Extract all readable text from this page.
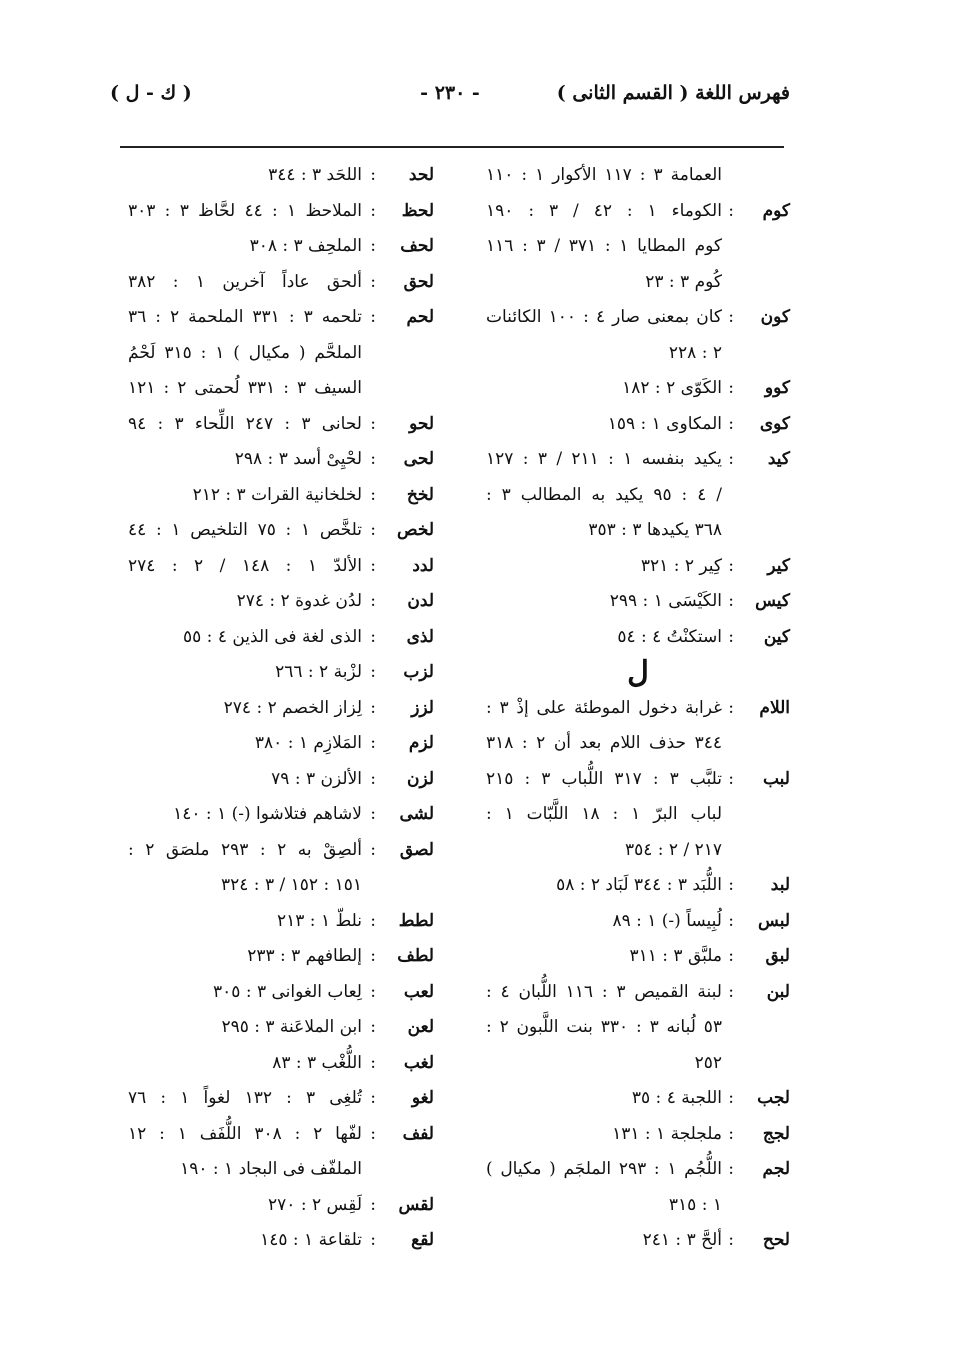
فهرس اللغة ( القسم الثانى )
- ٢٣٠ -
( ك - ل )
العمامة ٣ : ١١٧ الأكوار ١ : ١١٠
كوم
:
الكوماء ١ : ٤٢ / ٣ : ١٩٠
كوم المطايا ١ : ٣٧١ / ٣ : ١١٦
كُوم ٣ : ٢٣
كون
:
كان بمعنى صار ٤ : ١٠٠ الكائنات
٢ : ٢٢٨
كوو
:
الكَوّى ٢ : ١٨٢
كوى
:
المكاوى ١ : ١٥٩
كيد
:
يكيد بنفسه ١ : ٢١١ / ٣ : ١٢٧
/ ٤ : ٩٥ يكيد به المطالب ٣ :
٣٦٨ يكيدها ٣ : ٣٥٣
كير
:
كِير ٢ : ٣٢١
كيس
:
الكَيْسَى ١ : ٢٩٩
كين
:
استكنْتُ ٤ : ٥٤
ل
اللام
:
غرابة دخول الموطئة على إذْ ٣ :
٣٤٤ حذف اللام بعد أن ٢ : ٣١٨
لبب
:
تلبَّب ٣ : ٣١٧ اللُّباب ٣ : ٢١٥
لباب البرّ ١ : ١٨ اللَّبّات ١ :
٢١٧ / ٢ : ٣٥٤
لبد
:
اللُّبَد ٣ : ٣٤٤ لَبَاد ٢ : ٥٨
لبس
:
لُبِيساً (-) ١ : ٨٩
لبق
:
ملبَّق ٣ : ٣١١
لبن
:
لبنة القميص ٣ : ١١٦ اللُّبان ٤ :
٥٣ لُبانه ٣ : ٣٣٠ بنت اللَّبون ٢ :
٢٥٢
لجب
:
اللجبة ٤ : ٣٥
لجج
:
ملجلجة ١ : ١٣١
لجم
:
اللُّجُم ١ : ٢٩٣ الملجَم ( مكيال )
١ : ٣١٥
لحح
:
ألحَّ ٣ : ٢٤١
لحد
:
اللحَد ٣ : ٣٤٤
لحظ
:
الملاحظ ١ : ٤٤ لحَّاظ ٣ : ٣٠٣
لحف
:
الملحِف ٣ : ٣٠٨
لحق
:
ألحق عاداً آخرين ١ : ٣٨٢
لحم
:
تلحمه ٣ : ٣٣١ الملحمة ٢ : ٣٦
الملحَّم ( مكيال ) ١ : ٣١٥ لَحْمُ
السيف ٣ : ٣٣١ لُحمتى ٢ : ١٢١
لحو
:
لحانى ٣ : ٢٤٧ اللِّحاء ٣ : ٩٤
لحى
:
لحْيِىْ أسد ٣ : ٢٩٨
لخخ
:
لخلخانية القرات ٣ : ٢١٢
لخص
:
تلخَّص ١ : ٧٥ التلخيص ١ : ٤٤
لدد
:
الألدّ ١ : ١٤٨ / ٢ : ٢٧٤
لدن
:
لدُن غدوة ٢ : ٢٧٤
لذى
:
الذى لغة فى الذين ٤ : ٥٥
لزب
:
لزْبة ٢ : ٢٦٦
لزز
:
لِزاز الخصم ٢ : ٢٧٤
لزم
:
المَلازِم ١ : ٣٨٠
لزن
:
الألزن ٣ : ٧٩
لشى
:
لاشاهم فتلاشوا (-) ١ : ١٤٠
لصق
:
ألصِقْ به ٢ : ٢٩٣ ملصَق ٢ :
١٥١ : ١٥٢ / ٣ : ٣٢٤
لطط
:
نلطّ ١ : ٢١٣
لطف
:
إلطافهم ٣ : ٢٣٣
لعب
:
لِعاب الغوانى ٣ : ٣٠٥
لعن
:
ابن الملاعَنة ٣ : ٢٩٥
لغب
:
اللُّغْب ٣ : ٨٣
لغو
:
تُلغِى ٣ : ١٣٢ لغواً ١ : ٧٦
لفف
:
لفّها ٢ : ٣٠٨ اللُّفَف ١ : ١٢
الملفّف فى البجاد ١ : ١٩٠
لقس
:
لَقِس ٢ : ٢٧٠
لقع
:
تلقاعة ١ : ١٤٥
